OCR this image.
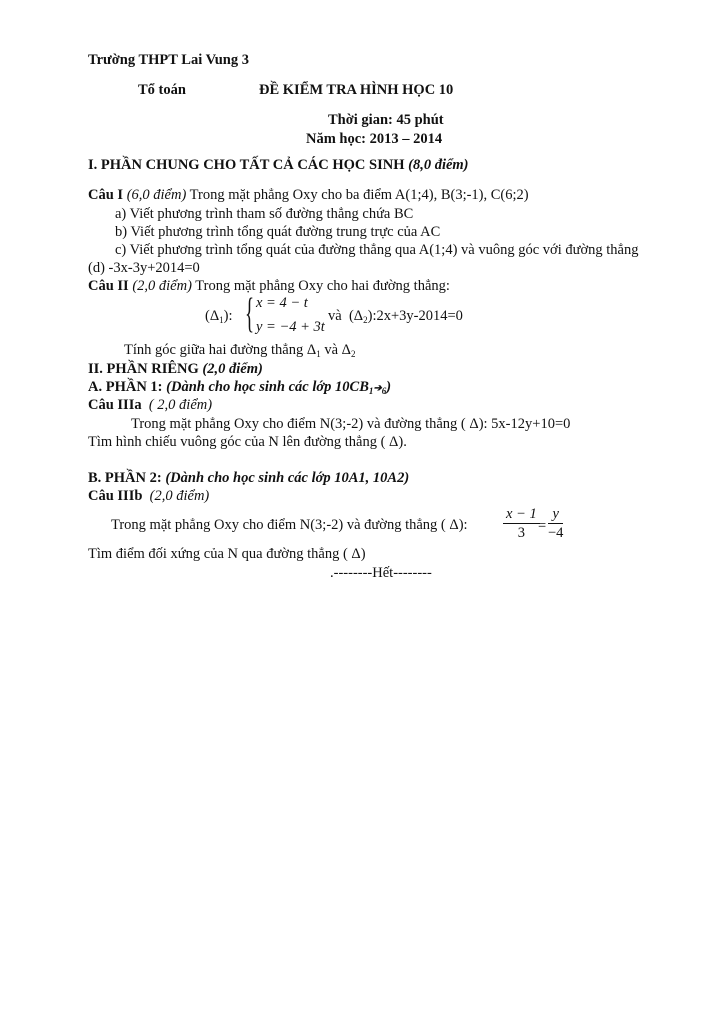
Trường THPT Lai Vung 3
Tổ toán	ĐỀ KIỂM TRA HÌNH HỌC 10
Thời gian: 45 phút
Năm học: 2013 – 2014
I. PHẦN CHUNG CHO TẤT CẢ CÁC HỌC SINH (8,0 điểm)
Câu I (6,0 điểm) Trong mặt phẳng Oxy cho ba điểm A(1;4), B(3;-1), C(6;2)
a) Viết phương trình tham số đường thẳng chứa BC
b) Viết phương trình tổng quát đường trung trực của AC
c) Viết phương trình tổng quát của đường thẳng qua A(1;4) và vuông góc với đường thẳng
(d) -3x-3y+2014=0
Câu II (2,0 điểm) Trong mặt phẳng Oxy cho hai đường thẳng:
$(\Delta_1)$: { x = 4 − t
y = −4 + 3t
và  $(\Delta_2):2x+3y-2014=0$
Tính góc giữa hai đường thẳng $\Delta_1$ và $\Delta_2$
II. PHẦN RIÊNG (2,0 điểm)
A. PHẦN 1: (Dành cho học sinh các lớp $10CB_1➔_6$)
Câu IIIa ( 2,0 điểm)
Trong mặt phẳng Oxy cho điểm N(3;-2) và đường thẳng ( Δ): 5x-12y+10=0
Tìm hình chiếu vuông góc của N lên đường thẳng ( Δ).
B. PHẦN 2: (Dành cho học sinh các lớp 10A1, 10A2)
Câu IIIb (2,0 điểm)
Trong mặt phẳng Oxy cho điểm N(3;-2) và đường thẳng ( Δ): $\frac{x - 1}{3}$
= $\frac{y}{-4}$
Tìm điểm đối xứng của N qua đường thẳng ( Δ)
.--------Hết--------
